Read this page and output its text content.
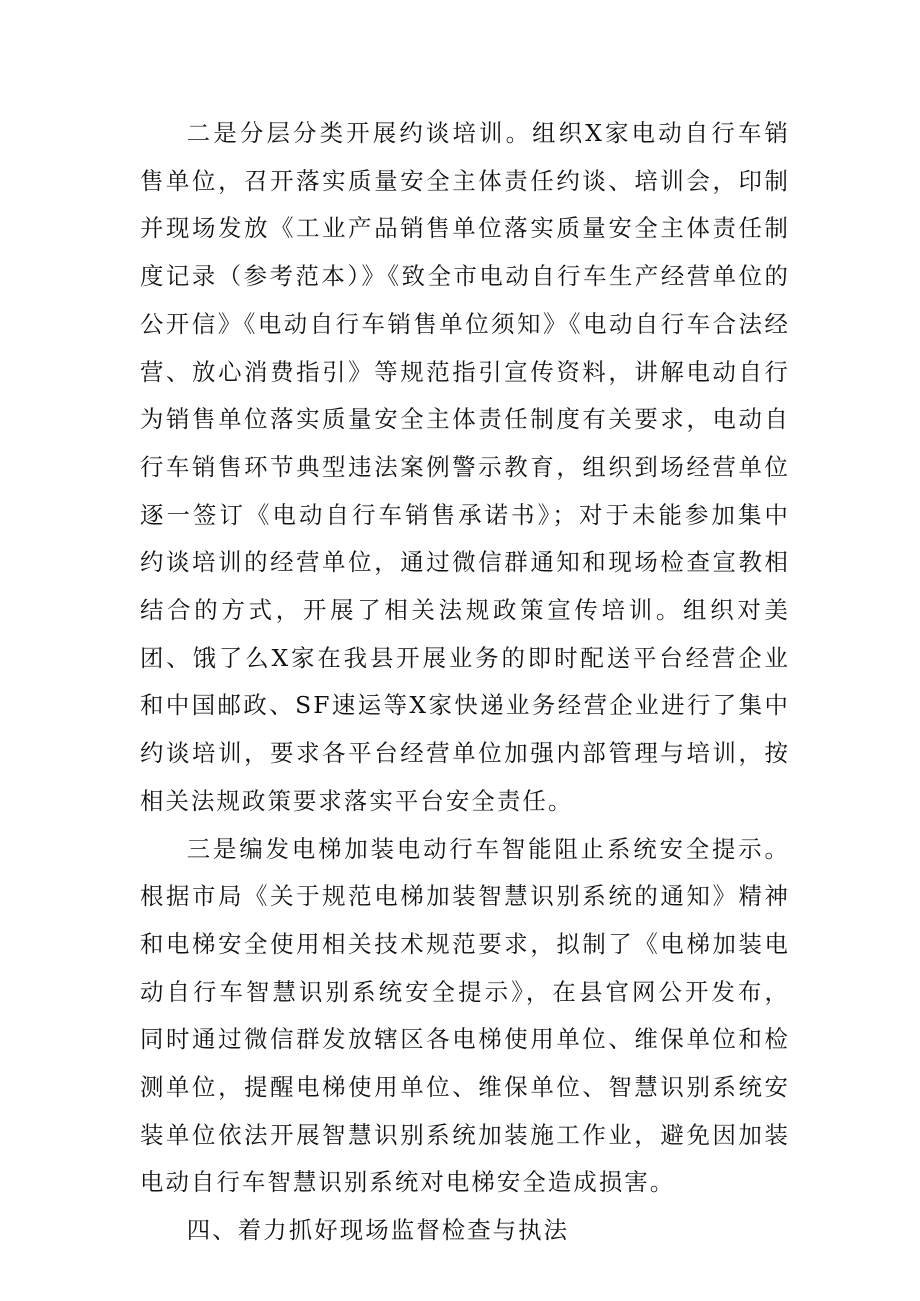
二是分层分类开展约谈培训。组织X家电动自行车销售单位，召开落实质量安全主体责任约谈、培训会，印制并现场发放《工业产品销售单位落实质量安全主体责任制度记录（参考范本）》《致全市电动自行车生产经营单位的公开信》《电动自行车销售单位须知》《电动自行车合法经营、放心消费指引》等规范指引宣传资料，讲解电动自行为销售单位落实质量安全主体责任制度有关要求，电动自行车销售环节典型违法案例警示教育，组织到场经营单位逐一签订《电动自行车销售承诺书》；对于未能参加集中约谈培训的经营单位，通过微信群通知和现场检查宣教相结合的方式，开展了相关法规政策宣传培训。组织对美团、饿了么X家在我县开展业务的即时配送平台经营企业和中国邮政、SF速运等X家快递业务经营企业进行了集中约谈培训，要求各平台经营单位加强内部管理与培训，按相关法规政策要求落实平台安全责任。

三是编发电梯加装电动行车智能阻止系统安全提示。根据市局《关于规范电梯加装智慧识别系统的通知》精神和电梯安全使用相关技术规范要求，拟制了《电梯加装电动自行车智慧识别系统安全提示》，在县官网公开发布，同时通过微信群发放辖区各电梯使用单位、维保单位和检测单位，提醒电梯使用单位、维保单位、智慧识别系统安装单位依法开展智慧识别系统加装施工作业，避免因加装电动自行车智慧识别系统对电梯安全造成损害。

四、着力抓好现场监督检查与执法
